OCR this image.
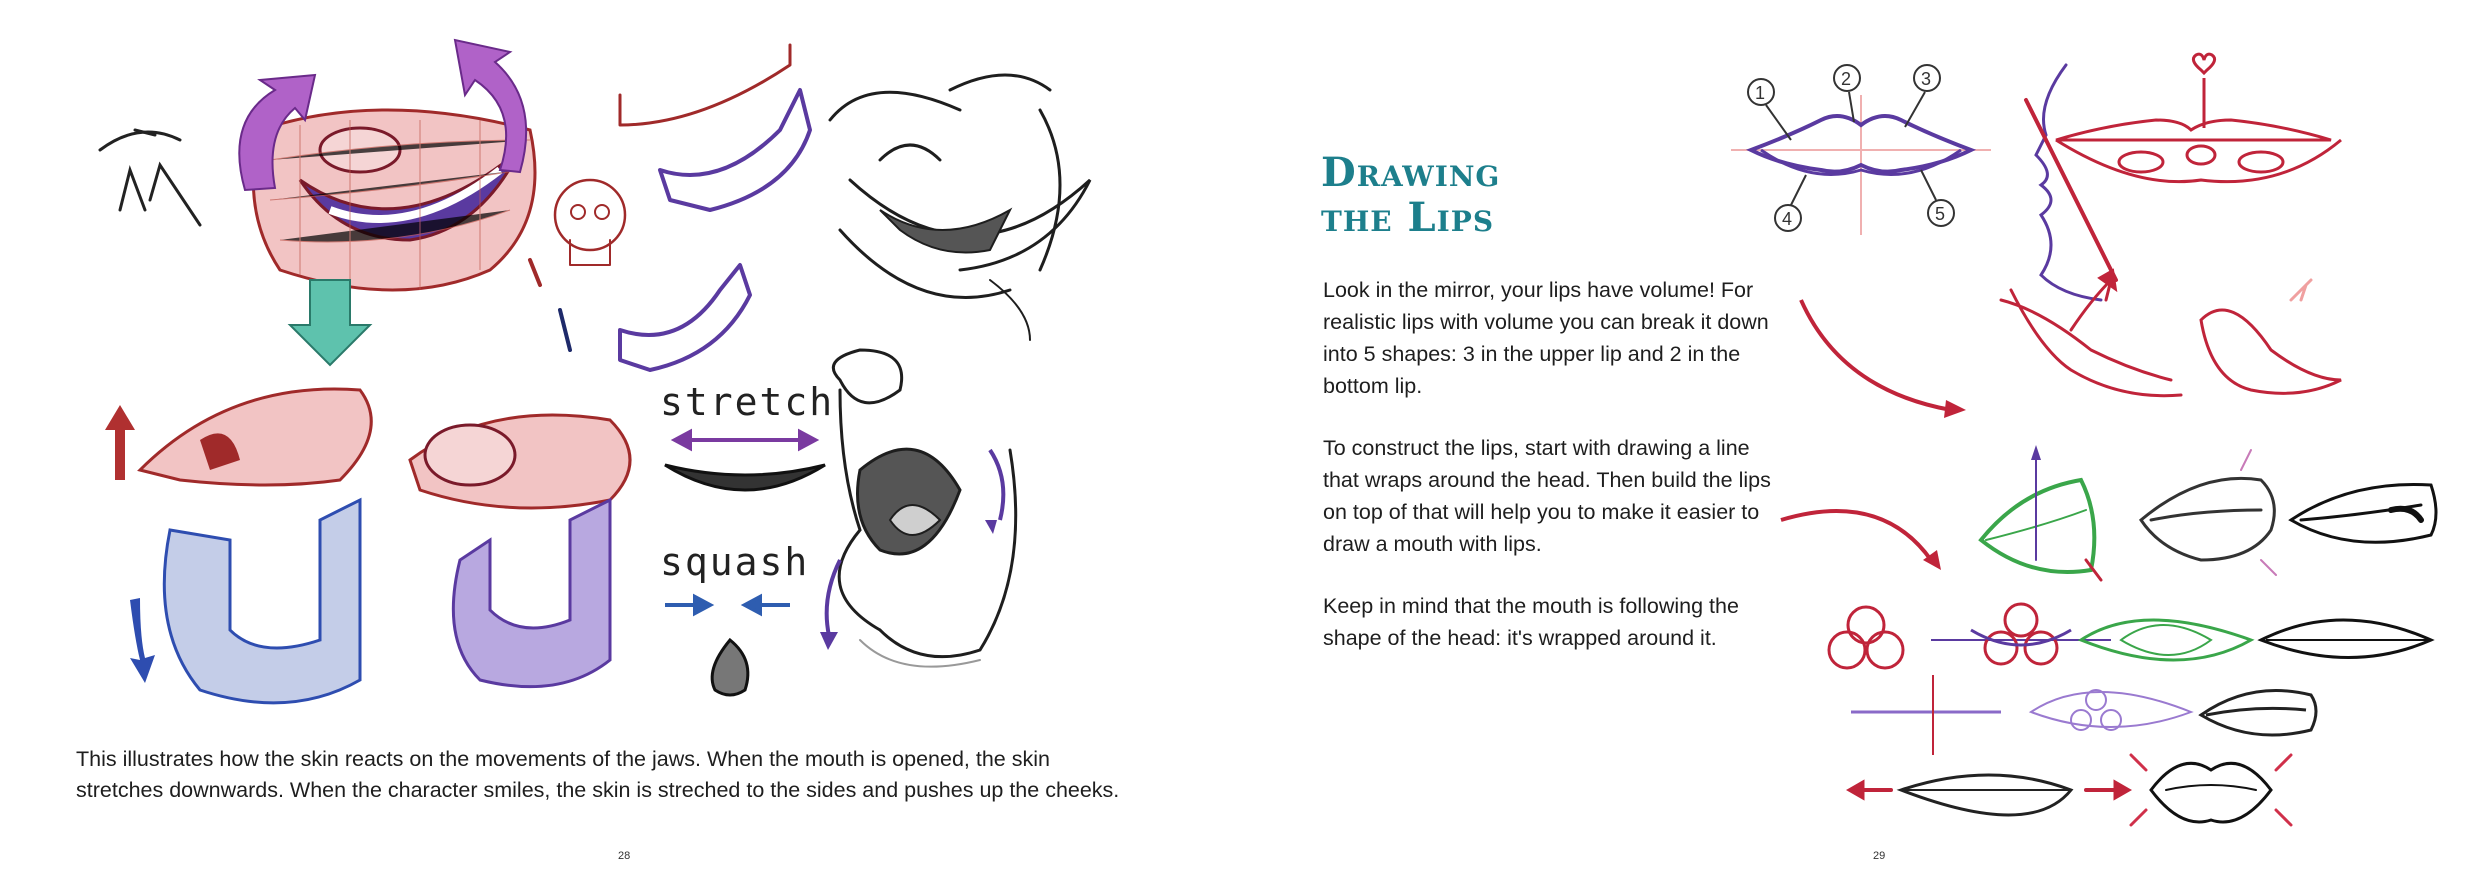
stretch
squash

This illustrates how the skin reacts on the movements of the jaws. When the mouth is opened, the skin stretches downwards. When the character smiles, the skin is streched to the sides and pushes up the cheeks.

28
Drawing
the Lips

Look in the mirror, your lips have volume! For realistic lips with volume you can break it down into 5 shapes: 3 in the upper lip and 2 in the bottom lip.

To construct the lips, start with drawing a line that wraps around the head. Then build the lips on top of that will help you to make it easier to draw a mouth with lips.

Keep in mind that the mouth is following the shape of the head: it's wrapped around it.

1
2	3
4	5
29
